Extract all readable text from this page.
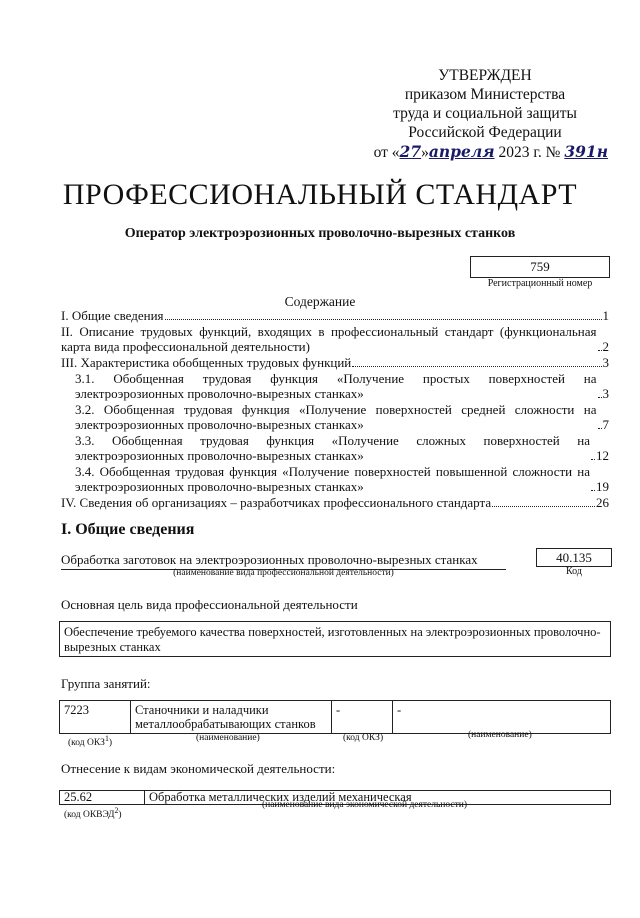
УТВЕРЖДЕН
приказом Министерства
труда и социальной защиты
Российской Федерации
от «27»апреля 2023 г. № 391н
ПРОФЕССИОНАЛЬНЫЙ СТАНДАРТ
Оператор электроэрозионных проволочно-вырезных станков
759
Регистрационный номер
Содержание
I. Общие сведения	1
II. Описание трудовых функций, входящих в профессиональный стандарт (функциональная карта вида профессиональной деятельности)	2
III. Характеристика обобщенных трудовых функций	3
3.1. Обобщенная трудовая функция «Получение простых поверхностей на электроэрозионных проволочно-вырезных станках»	3
3.2. Обобщенная трудовая функция «Получение поверхностей средней сложности на электроэрозионных проволочно-вырезных станках»	7
3.3. Обобщенная трудовая функция «Получение сложных поверхностей на электроэрозионных проволочно-вырезных станках»	12
3.4. Обобщенная трудовая функция «Получение поверхностей повышенной сложности на электроэрозионных проволочно-вырезных станках»	19
IV. Сведения об организациях – разработчиках профессионального стандарта	26
I. Общие сведения
Обработка заготовок на электроэрозионных проволочно-вырезных станках
(наименование вида профессиональной деятельности)
40.135
Код
Основная цель вида профессиональной деятельности
Обеспечение требуемого качества поверхностей, изготовленных на электроэрозионных проволочно-вырезных станках
Группа занятий:
7223	Станочники и наладчики металлообрабатывающих станков	-	-
(код ОКЗ$^1$)
(наименование)	(код ОКЗ)	(наименование)
Отнесение к видам экономической деятельности:
25.62	Обработка металлических изделий механическая
(код ОКВЭД$^2$)
(наименование вида экономической деятельности)
